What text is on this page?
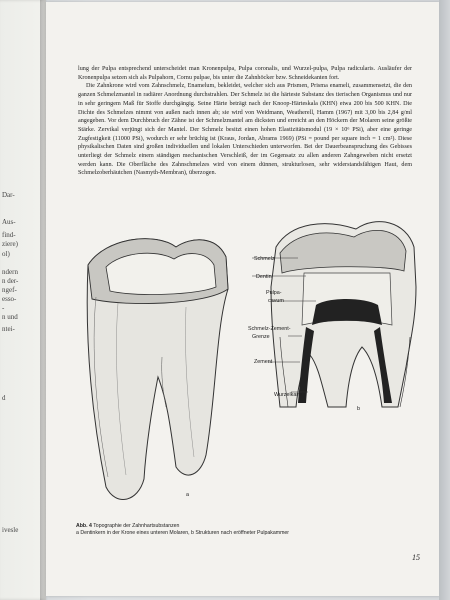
Dar-
Aus-
find-
ziere)
ol)
ndern
n der-
ngef-
esso-
-
n und
ntei-
d
ivesle

lung der Pulpa entsprechend unterscheidet man Kronenpulpa, Pulpa coronalis, und Wurzel-pulpa, Pulpa radicularis. Ausläufer der Kronenpulpa setzen sich als Pulpahorn, Cornu pulpae, bis unter die Zahnhöcker bzw. Schneidekanten fort.

Die Zahnkrone wird vom Zahnschmelz, Enamelum, bekleidet, welcher sich aus Prismen, Prisma enameli, zusammensetzt, die den ganzen Schmelzmantel in radiärer Anordnung durchstrahlen. Der Schmelz ist die härteste Substanz des tierischen Organismus und nur in sehr geringem Maß für Stoffe durchgängig. Seine Härte beträgt nach der Knoop-Härteskala (KHN) etwa 200 bis 500 KHN. Die Dichte des Schmelzes nimmt von außen nach innen ab; sie wird von Weidmann, Weatherell, Hamm (1967) mit 3,00 bis 2,84 g/ml angegeben. Vor dem Durchbruch der Zähne ist der Schmelzmantel am dicksten und erreicht an den Höckern der Molaren seine größte Stärke. Zervikal verjüngt sich der Mantel. Der Schmelz besitzt einen hohen Elastizitätsmodul (19 × 10⁶ PSi), aber eine geringe Zugfestigkeit (11000 PSi), wodurch er sehr brüchig ist (Kraus, Jordan, Abrams 1969) (PSi = pound per square inch = 1 cm²). Diese physikalischen Daten sind großen individuellen und lokalen Unterschieden unterworfen. Bei der Dauerbeanspruchung des Gebisses unterliegt der Schmelz einem ständigen mechanischen Verschleiß, der im Gegensatz zu allen anderen Zahngeweben nicht ersetzt werden kann. Die Oberfläche des Zahnschmelzes wird von einem dünnen, strukturlosen, sehr widerstandsfähigen Haut, dem Schmelzoberhäutchen (Nasmyth-Membran), überzogen.

Schmelz
Dentin
Pulpa-
cavum
Schmelz-Zement-
Grenze
Zement
Wurzelkanal
a
b
Abb. 4 Topographie der Zahnhartsubstanzen
a Dentinkern in der Krone eines unteren Molaren, b Strukturen nach eröffneter Pulpakammer
15
